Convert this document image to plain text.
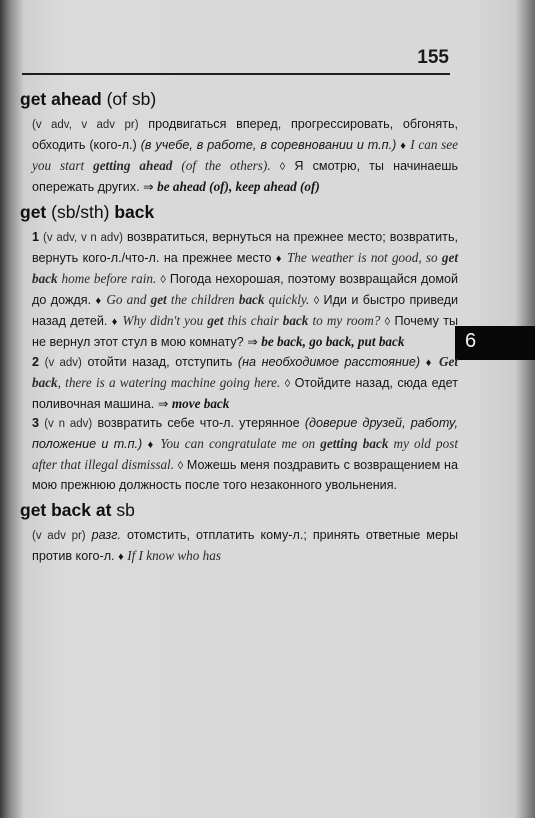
155
6
get ahead (of sb)
(v adv, v adv pr) продвигаться вперед, прогрессировать, обгонять, обходить (кого-л.) (в учебе, в работе, в соревновании и т.п.) ♦ I can see you start getting ahead (of the others). ◊ Я смотрю, ты начинаешь опережать других. ⇒ be ahead (of), keep ahead (of)
get (sb/sth) back
1 (v adv, v n adv) возвратиться, вернуться на прежнее место; возвратить, вернуть кого-л./что-л. на прежнее место ♦ The weather is not good, so get back home before rain. ◊ Погода нехорошая, поэтому возвращайся домой до дождя. ♦ Go and get the children back quickly. ◊ Иди и быстро приведи назад детей. ♦ Why didn't you get this chair back to my room? ◊ Почему ты не вернул этот стул в мою комнату? ⇒ be back, go back, put back
2 (v adv) отойти назад, отступить (на необходимое расстояние) ♦ Get back, there is a watering machine going here. ◊ Отойдите назад, сюда едет поливочная машина. ⇒ move back
3 (v n adv) возвратить себе что-л. утерянное (доверие друзей, работу, положение и т.п.) ♦ You can congratulate me on getting back my old post after that illegal dismissal. ◊ Можешь меня поздравить с возвращением на мою прежнюю должность после того незаконного увольнения.
get back at sb
(v adv pr) разг. отомстить, отплатить кому-л.; принять ответные меры против кого-л. ♦ If I know who has
